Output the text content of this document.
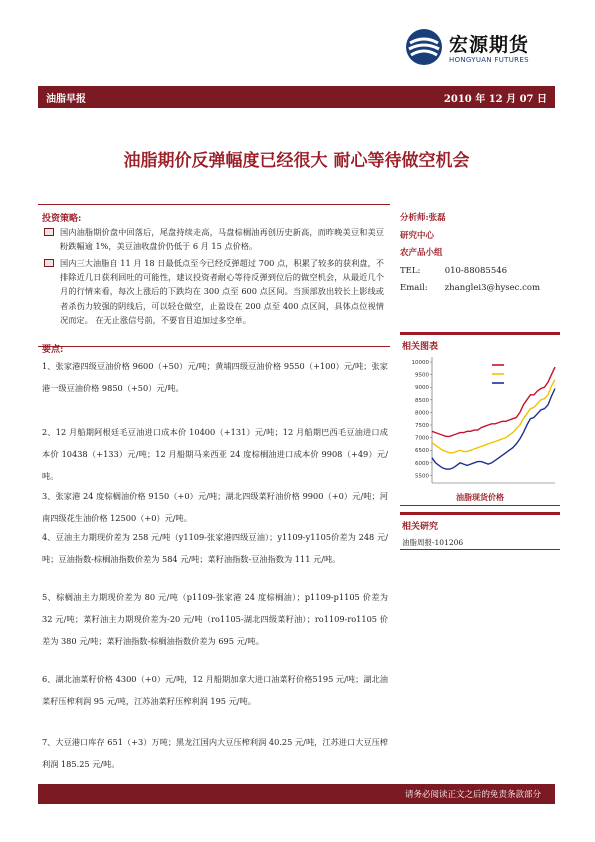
宏源期货
HONGYUAN FUTURES
油脂早报	2010 年 12 月 07 日
油脂期价反弹幅度已经很大 耐心等待做空机会
投资策略:
国内油脂期价盘中回落后，尾盘持续走高，马盘棕榈油再创历史新高，而昨晚美豆和美豆粉跌幅逾 1%，美豆油收盘价仍低于 6 月 15 点价格。
国内三大油脂自 11 月 18 日最低点至今已经反弹超过 700 点，积累了较多的获利盘，不排除近几日获利回吐的可能性，建议投资者耐心等待反弹到位后的做空机会，从最近几个月的行情来看，每次上涨后的下跌均在 300 点至 600 点区间。当顶部放出较长上影线或者杀伤力较强的阴线后，可以轻仓做空，止盈设在 200 点至 400 点区间，具体点位视情况而定。 在无止涨信号前，不要盲目追加过多空单。
要点:
1、张家港四级豆油价格 9600（+50）元/吨；黄埔四级豆油价格 9550（+100）元/吨；张家港一级豆油价格 9850（+50）元/吨。
2、12 月船期阿根廷毛豆油进口成本价 10400（+131）元/吨；12 月船期巴西毛豆油进口成本价 10438（+133）元/吨；12 月船期马来西亚 24 度棕榈油进口成本价 9908（+49）元/吨。
3、张家港 24 度棕榈油价格 9150（+0）元/吨；湖北四级菜籽油价格 9900（+0）元/吨；河南四级花生油价格 12500（+0）元/吨。
4、豆油主力期现价差为 258 元/吨（y1109-张家港四级豆油）；y1109-y1105价差为 248 元/吨；豆油指数-棕榈油指数价差为 584 元/吨；菜籽油指数-豆油指数为 111 元/吨。
5、棕榈油主力期现价差为 80 元/吨（p1109-张家港 24 度棕榈油）；p1109-p1105 价差为 32 元/吨；菜籽油主力期现价差为-20 元/吨（ro1105-湖北四级菜籽油）；ro1109-ro1105 价差为 380 元/吨；菜籽油指数-棕榈油指数价差为 695 元/吨。
6、湖北油菜籽价格 4300（+0）元/吨，12 月船期加拿大进口油菜籽价格5195 元/吨；湖北油菜籽压榨利润 95 元/吨，江苏油菜籽压榨利润 195 元/吨。
7、大豆港口库存 651（+3）万吨；黑龙江国内大豆压榨利润 40.25 元/吨，江苏进口大豆压榨利润 185.25 元/吨。
分析师:张磊
研究中心
农产品小组
TEL:	010-88085546
Email: zhanglei3@hysec.com
相关图表
10000
9500
9000
8500
8000
7500
7000
6500
6000
5500
油脂现货价格
相关研究
油脂周报-101206
请务必阅读正文之后的免责条款部分
